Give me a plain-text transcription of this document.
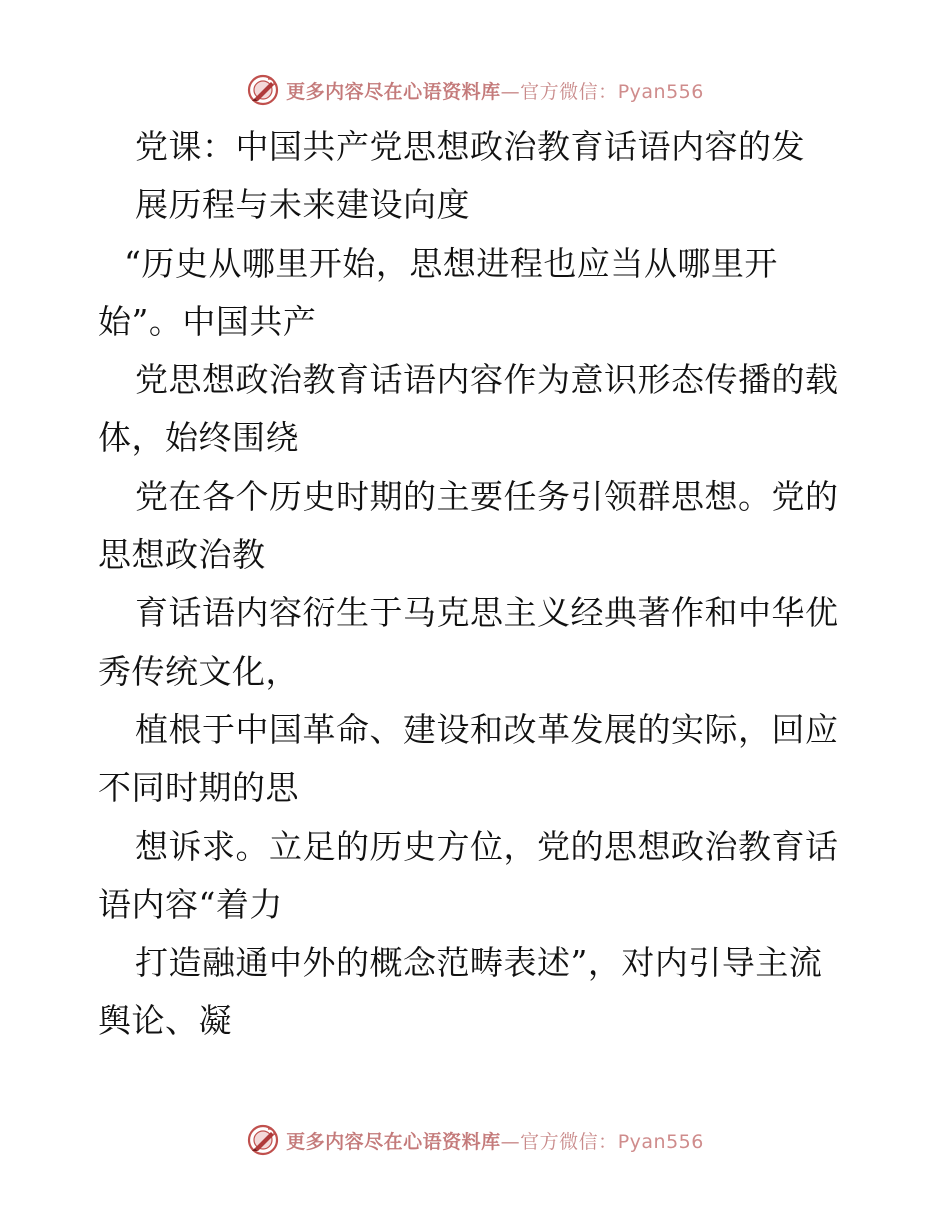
更多内容尽在心语资料库—官方微信：Pyan556
党课：中国共产党思想政治教育话语内容的发
展历程与未来建设向度
“历史从哪里开始，思想进程也应当从哪里开
始”。中国共产
党思想政治教育话语内容作为意识形态传播的载
体，始终围绕
党在各个历史时期的主要任务引领群思想。党的
思想政治教
育话语内容衍生于马克思主义经典著作和中华优
秀传统文化，
植根于中国革命、建设和改革发展的实际，回应
不同时期的思
想诉求。立足的历史方位，党的思想政治教育话
语内容“着力
打造融通中外的概念范畴表述”，对内引导主流
舆论、凝
更多内容尽在心语资料库—官方微信：Pyan556
